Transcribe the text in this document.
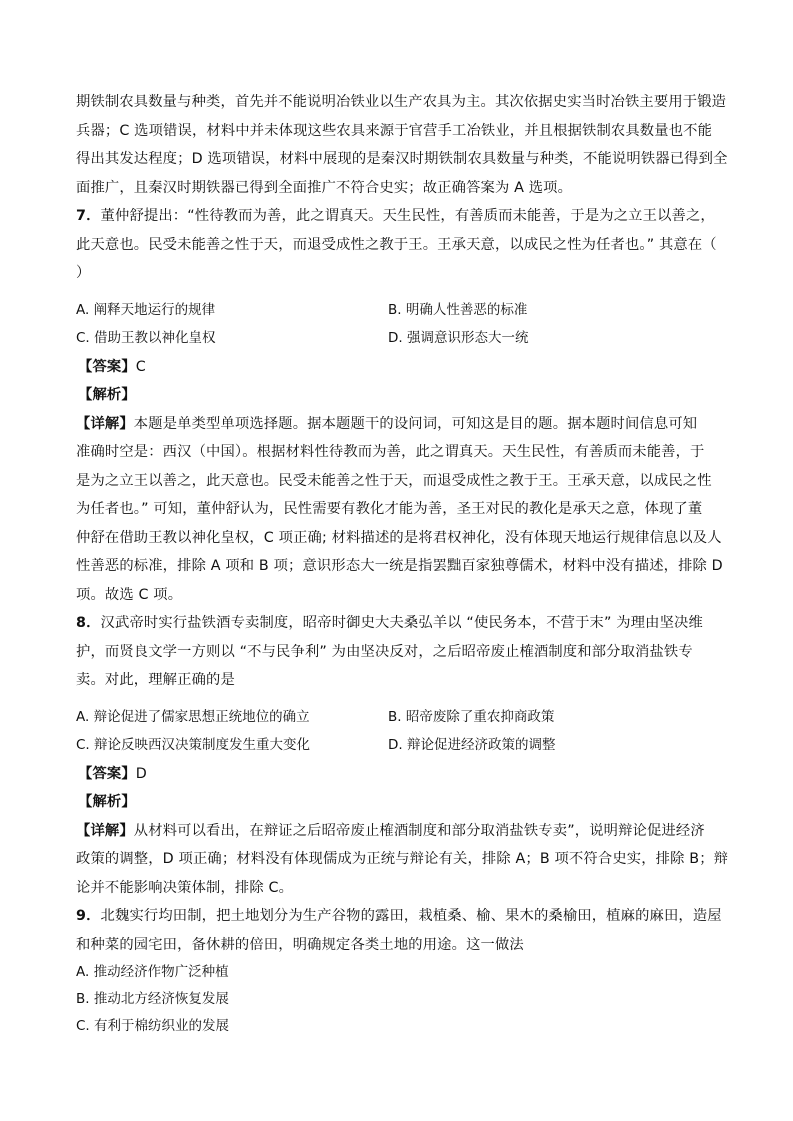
期铁制农具数量与种类，首先并不能说明冶铁业以生产农具为主。其次依据史实当时冶铁主要用于锻造
兵器；C 选项错误，材料中并未体现这些农具来源于官营手工冶铁业，并且根据铁制农具数量也不能
得出其发达程度；D 选项错误，材料中展现的是秦汉时期铁制农具数量与种类，不能说明铁器已得到全
面推广，且秦汉时期铁器已得到全面推广不符合史实；故正确答案为 A 选项。
7．董仲舒提出：“性待教而为善，此之谓真天。天生民性，有善质而未能善，于是为之立王以善之，
此天意也。民受未能善之性于天，而退受成性之教于王。王承天意，以成民之性为任者也。” 其意在（
）
A. 阐释天地运行的规律	B. 明确人性善恶的标准
C. 借助王教以神化皇权	D. 强调意识形态大一统
【答案】C
【解析】
【详解】本题是单类型单项选择题。据本题题干的设问词，可知这是目的题。据本题时间信息可知
准确时空是：西汉（中国）。根据材料性待教而为善，此之谓真天。天生民性，有善质而未能善，于
是为之立王以善之，此天意也。民受未能善之性于天，而退受成性之教于王。王承天意，以成民之性
为任者也。” 可知，董仲舒认为，民性需要有教化才能为善，圣王对民的教化是承天之意，体现了董
仲舒在借助王教以神化皇权，C 项正确; 材料描述的是将君权神化，没有体现天地运行规律信息以及人
性善恶的标准，排除 A 项和 B 项；意识形态大一统是指罢黜百家独尊儒术，材料中没有描述，排除 D
项。故选 C 项。
8．汉武帝时实行盐铁酒专卖制度，昭帝时御史大夫桑弘羊以 “使民务本，不营于末” 为理由坚决维
护，而贤良文学一方则以 “不与民争利” 为由坚决反对，之后昭帝废止榷酒制度和部分取消盐铁专
卖。对此，理解正确的是
A. 辩论促进了儒家思想正统地位的确立	B. 昭帝废除了重农抑商政策
C. 辩论反映西汉决策制度发生重大变化	D. 辩论促进经济政策的调整
【答案】D
【解析】
【详解】从材料可以看出，在辩证之后昭帝废止榷酒制度和部分取消盐铁专卖”，说明辩论促进经济
政策的调整，D 项正确；材料没有体现儒成为正统与辩论有关，排除 A；B 项不符合史实，排除 B；辩
论并不能影响决策体制，排除 C。
9．北魏实行均田制，把土地划分为生产谷物的露田，栽植桑、榆、果木的桑榆田，植麻的麻田，造屋
和种菜的园宅田，备休耕的倍田，明确规定各类土地的用途。这一做法
A. 推动经济作物广泛种植
B. 推动北方经济恢复发展
C. 有利于棉纺织业的发展
